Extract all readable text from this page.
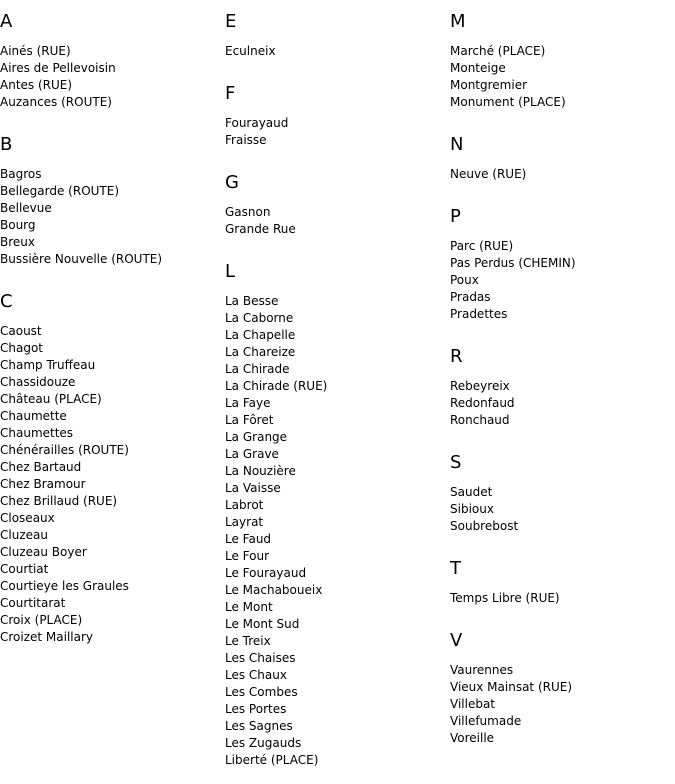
A
Ainés (RUE)
Aires de Pellevoisin
Antes (RUE)
Auzances (ROUTE)
B
Bagros
Bellegarde (ROUTE)
Bellevue
Bourg
Breux
Bussière Nouvelle (ROUTE)
C
Caoust
Chagot
Champ Truffeau
Chassidouze
Château (PLACE)
Chaumette
Chaumettes
Chénérailles (ROUTE)
Chez Bartaud
Chez Bramour
Chez Brillaud (RUE)
Closeaux
Cluzeau
Cluzeau Boyer
Courtiat
Courtieye les Graules
Courtitarat
Croix (PLACE)
Croizet Maillary
E
Eculneix
F
Fourayaud
Fraisse
G
Gasnon
Grande Rue
L
La Besse
La Caborne
La Chapelle
La Chareize
La Chirade
La Chirade (RUE)
La Faye
La Fôret
La Grange
La Grave
La Nouzière
La Vaisse
Labrot
Layrat
Le Faud
Le Four
Le Fourayaud
Le Machaboueix
Le Mont
Le Mont Sud
Le Treix
Les Chaises
Les Chaux
Les Combes
Les Portes
Les Sagnes
Les Zugauds
Liberté (PLACE)
M
Marché (PLACE)
Monteige
Montgremier
Monument (PLACE)
N
Neuve (RUE)
P
Parc (RUE)
Pas Perdus (CHEMIN)
Poux
Pradas
Pradettes
R
Rebeyreix
Redonfaud
Ronchaud
S
Saudet
Sibioux
Soubrebost
T
Temps Libre (RUE)
V
Vaurennes
Vieux Mainsat (RUE)
Villebat
Villefumade
Voreille
